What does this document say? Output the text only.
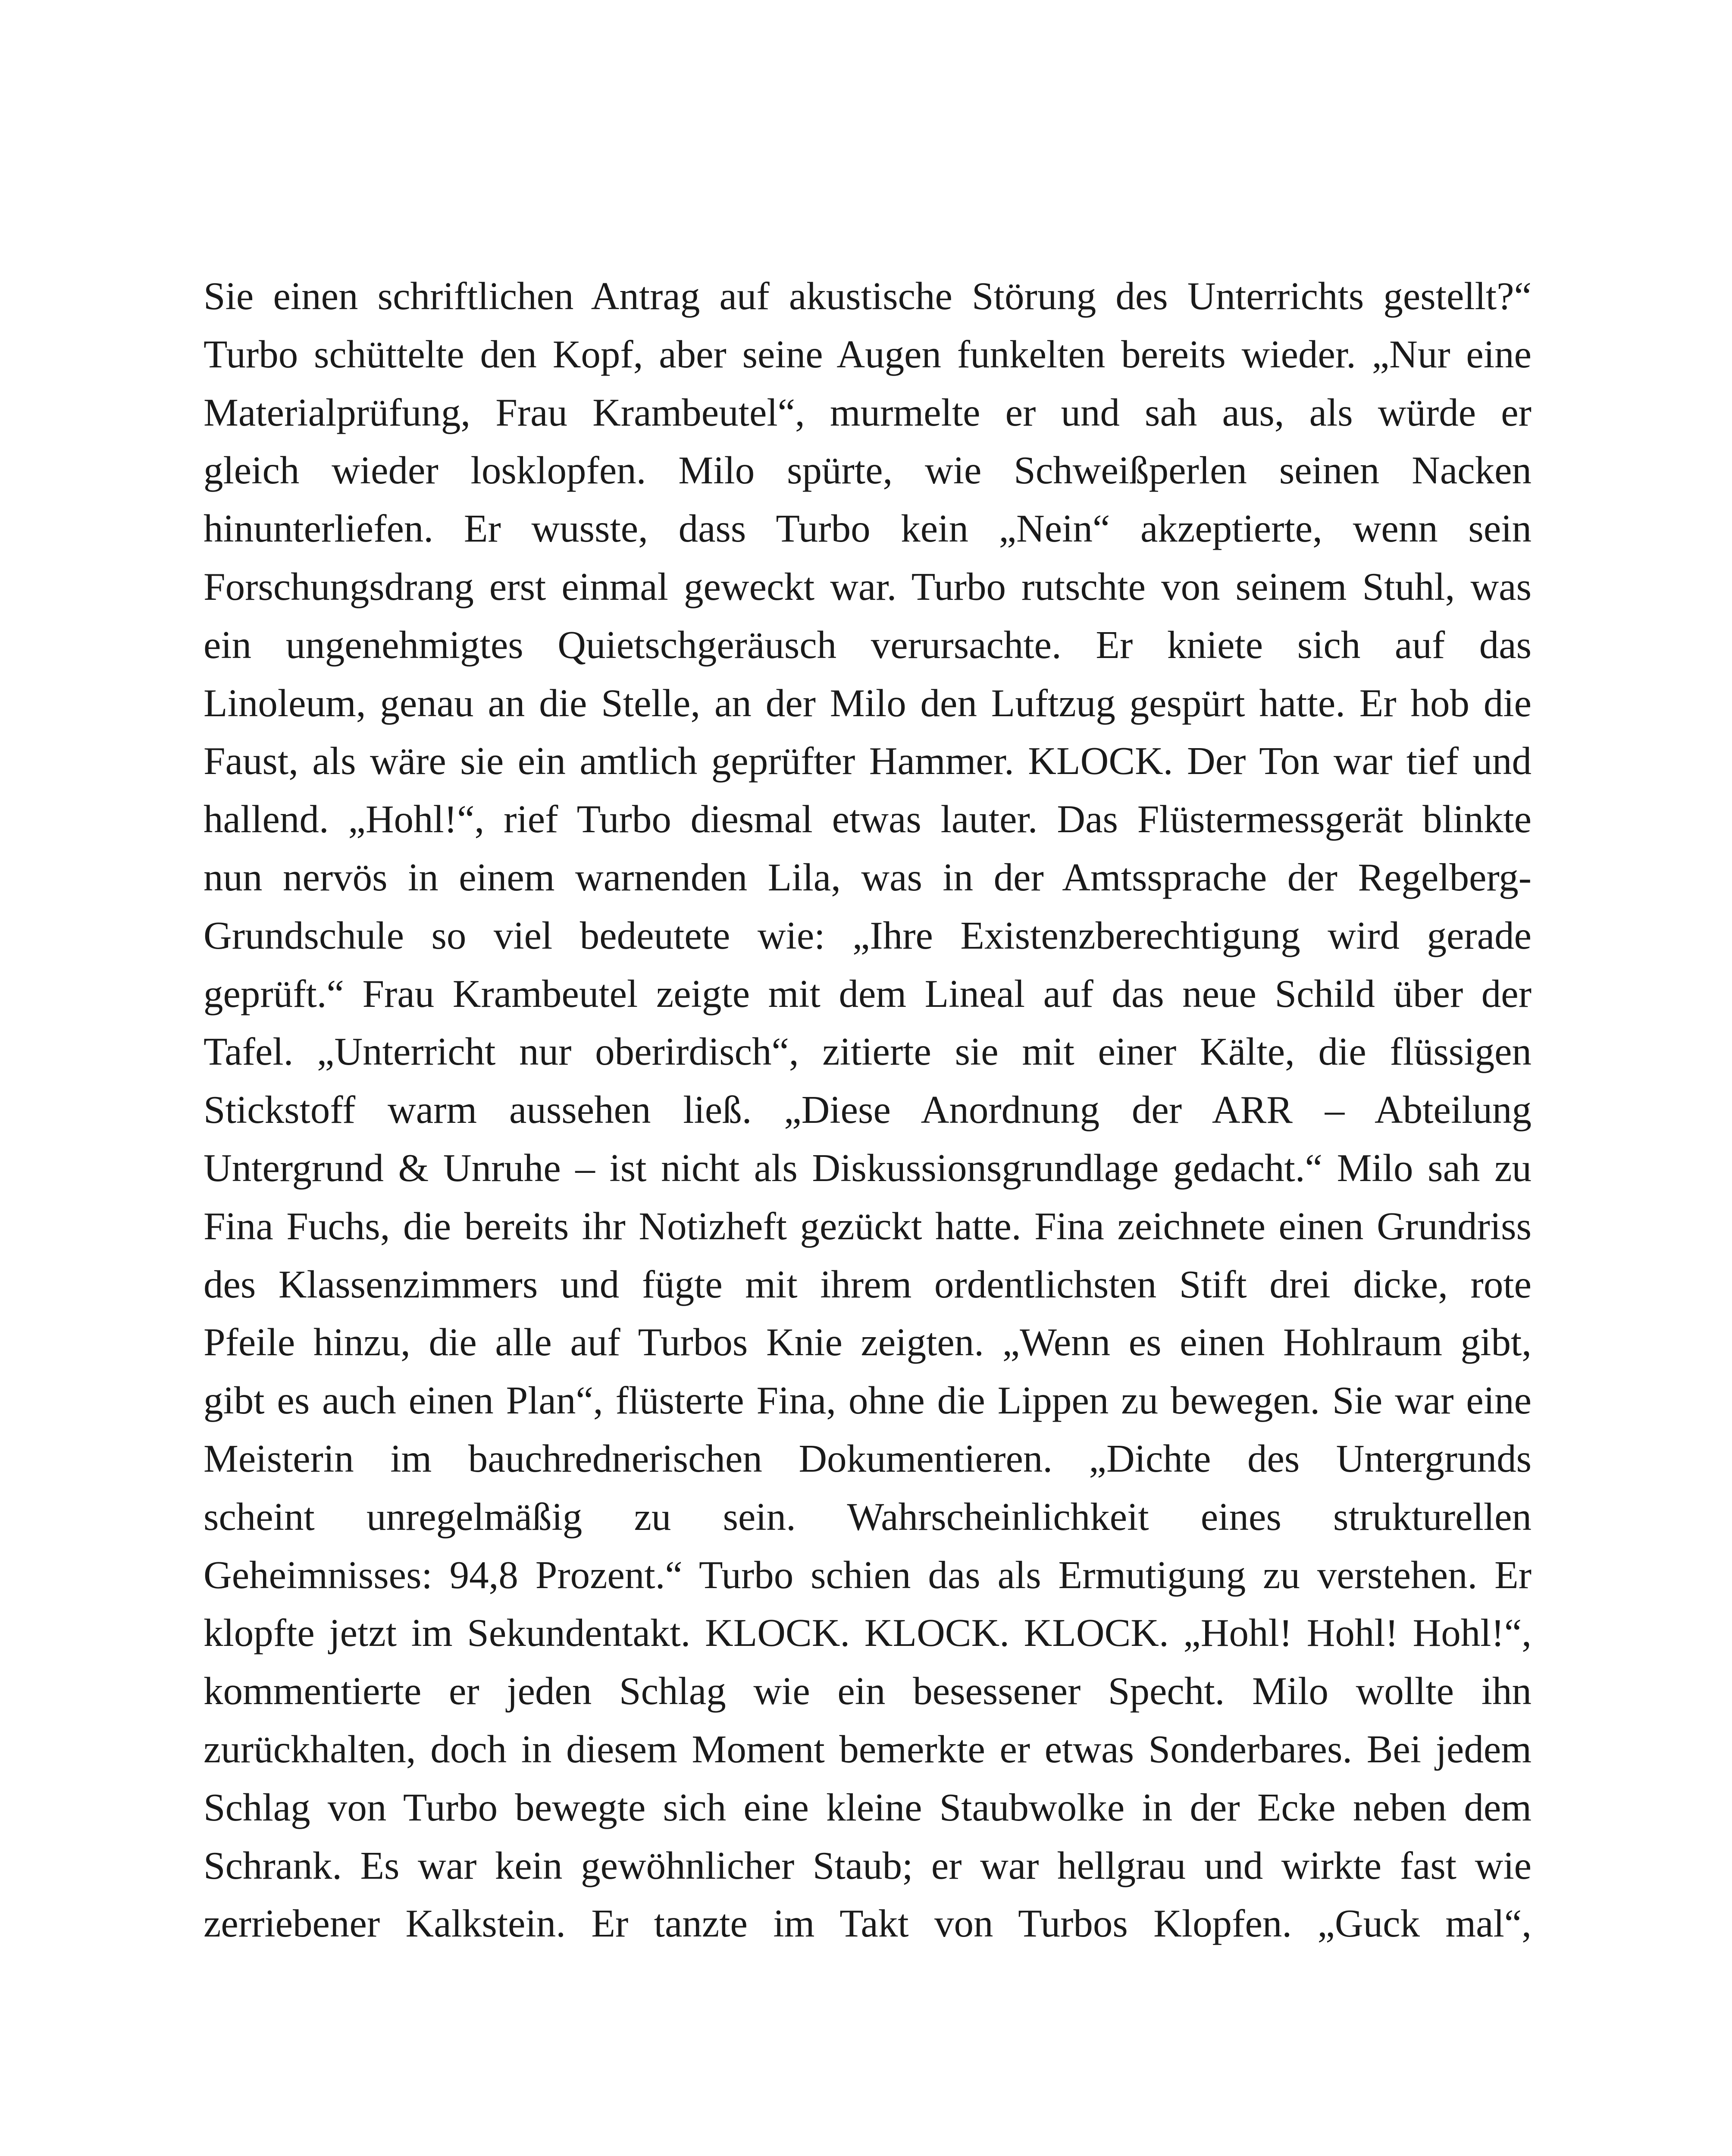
Sie einen schriftlichen Antrag auf akustische Störung des Unterrichts gestellt?“
Turbo schüttelte den Kopf, aber seine Augen funkelten bereits wieder. „Nur eine
Materialprüfung, Frau Krambeutel“, murmelte er und sah aus, als würde er
gleich wieder losklopfen. Milo spürte, wie Schweißperlen seinen Nacken
hinunterliefen. Er wusste, dass Turbo kein „Nein“ akzeptierte, wenn sein
Forschungsdrang erst einmal geweckt war. Turbo rutschte von seinem Stuhl, was
ein ungenehmigtes Quietschgeräusch verursachte. Er kniete sich auf das
Linoleum, genau an die Stelle, an der Milo den Luftzug gespürt hatte. Er hob die
Faust, als wäre sie ein amtlich geprüfter Hammer. KLOCK. Der Ton war tief und
hallend. „Hohl!“, rief Turbo diesmal etwas lauter. Das Flüstermessgerät blinkte
nun nervös in einem warnenden Lila, was in der Amtssprache der Regelberg-
Grundschule so viel bedeutete wie: „Ihre Existenzberechtigung wird gerade
geprüft.“ Frau Krambeutel zeigte mit dem Lineal auf das neue Schild über der
Tafel. „Unterricht nur oberirdisch“, zitierte sie mit einer Kälte, die flüssigen
Stickstoff warm aussehen ließ. „Diese Anordnung der ARR – Abteilung
Untergrund & Unruhe – ist nicht als Diskussionsgrundlage gedacht.“ Milo sah zu
Fina Fuchs, die bereits ihr Notizheft gezückt hatte. Fina zeichnete einen Grundriss
des Klassenzimmers und fügte mit ihrem ordentlichsten Stift drei dicke, rote
Pfeile hinzu, die alle auf Turbos Knie zeigten. „Wenn es einen Hohlraum gibt,
gibt es auch einen Plan“, flüsterte Fina, ohne die Lippen zu bewegen. Sie war eine
Meisterin im bauchrednerischen Dokumentieren. „Dichte des Untergrunds
scheint unregelmäßig zu sein. Wahrscheinlichkeit eines strukturellen
Geheimnisses: 94,8 Prozent.“ Turbo schien das als Ermutigung zu verstehen. Er
klopfte jetzt im Sekundentakt. KLOCK. KLOCK. KLOCK. „Hohl! Hohl! Hohl!“,
kommentierte er jeden Schlag wie ein besessener Specht. Milo wollte ihn
zurückhalten, doch in diesem Moment bemerkte er etwas Sonderbares. Bei jedem
Schlag von Turbo bewegte sich eine kleine Staubwolke in der Ecke neben dem
Schrank. Es war kein gewöhnlicher Staub; er war hellgrau und wirkte fast wie
zerriebener Kalkstein. Er tanzte im Takt von Turbos Klopfen. „Guck mal“,
